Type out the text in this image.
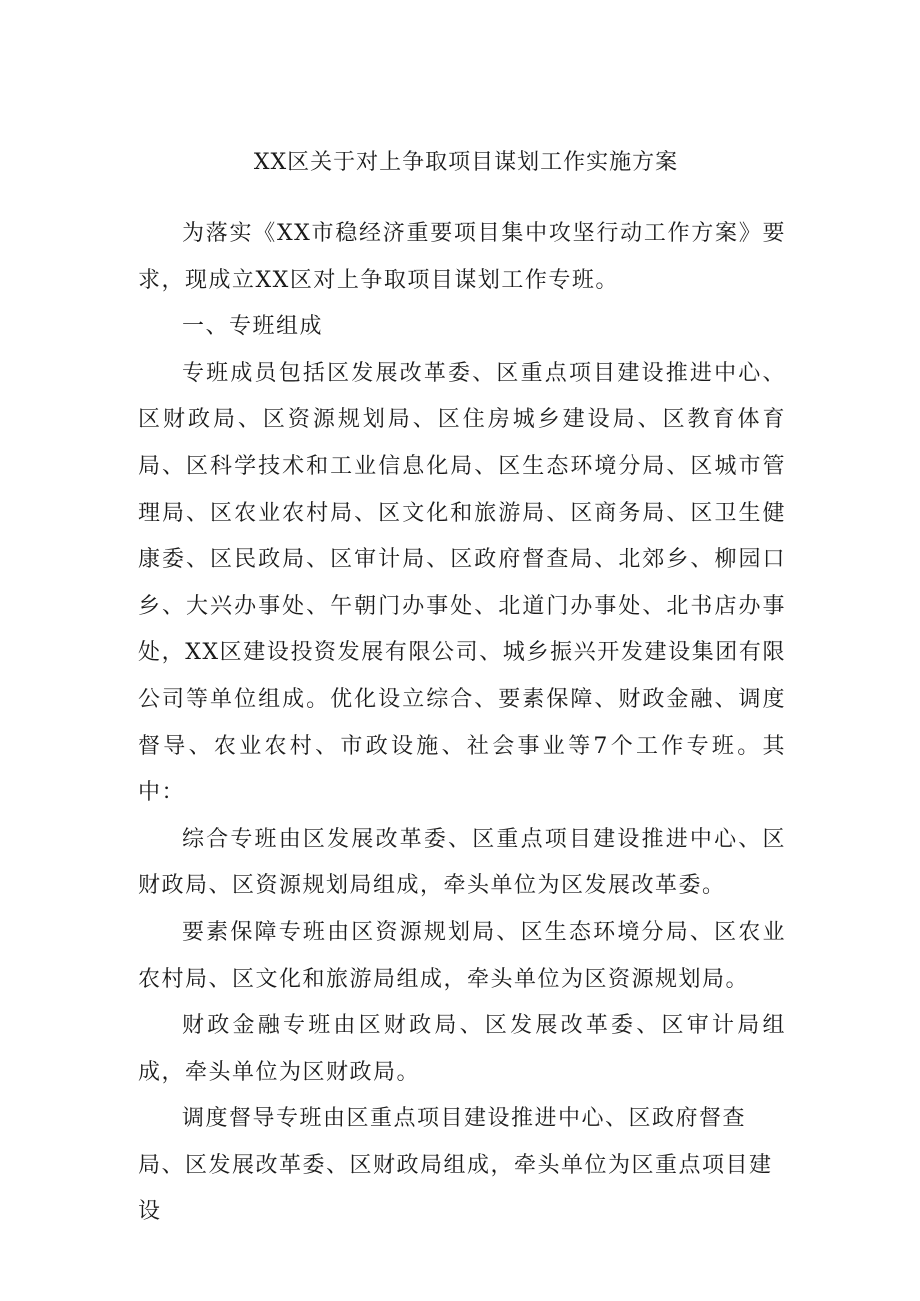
XX区关于对上争取项目谋划工作实施方案

为落实《XX市稳经济重要项目集中攻坚行动工作方案》要求，现成立XX区对上争取项目谋划工作专班。

一、专班组成

专班成员包括区发展改革委、区重点项目建设推进中心、区财政局、区资源规划局、区住房城乡建设局、区教育体育局、区科学技术和工业信息化局、区生态环境分局、区城市管理局、区农业农村局、区文化和旅游局、区商务局、区卫生健康委、区民政局、区审计局、区政府督查局、北郊乡、柳园口乡、大兴办事处、午朝门办事处、北道门办事处、北书店办事处，XX区建设投资发展有限公司、城乡振兴开发建设集团有限公司等单位组成。优化设立综合、要素保障、财政金融、调度督导、农业农村、市政设施、社会事业等7个工作专班。其中：

综合专班由区发展改革委、区重点项目建设推进中心、区财政局、区资源规划局组成，牵头单位为区发展改革委。

要素保障专班由区资源规划局、区生态环境分局、区农业农村局、区文化和旅游局组成，牵头单位为区资源规划局。

财政金融专班由区财政局、区发展改革委、区审计局组成，牵头单位为区财政局。

调度督导专班由区重点项目建设推进中心、区政府督查局、区发展改革委、区财政局组成，牵头单位为区重点项目建设
